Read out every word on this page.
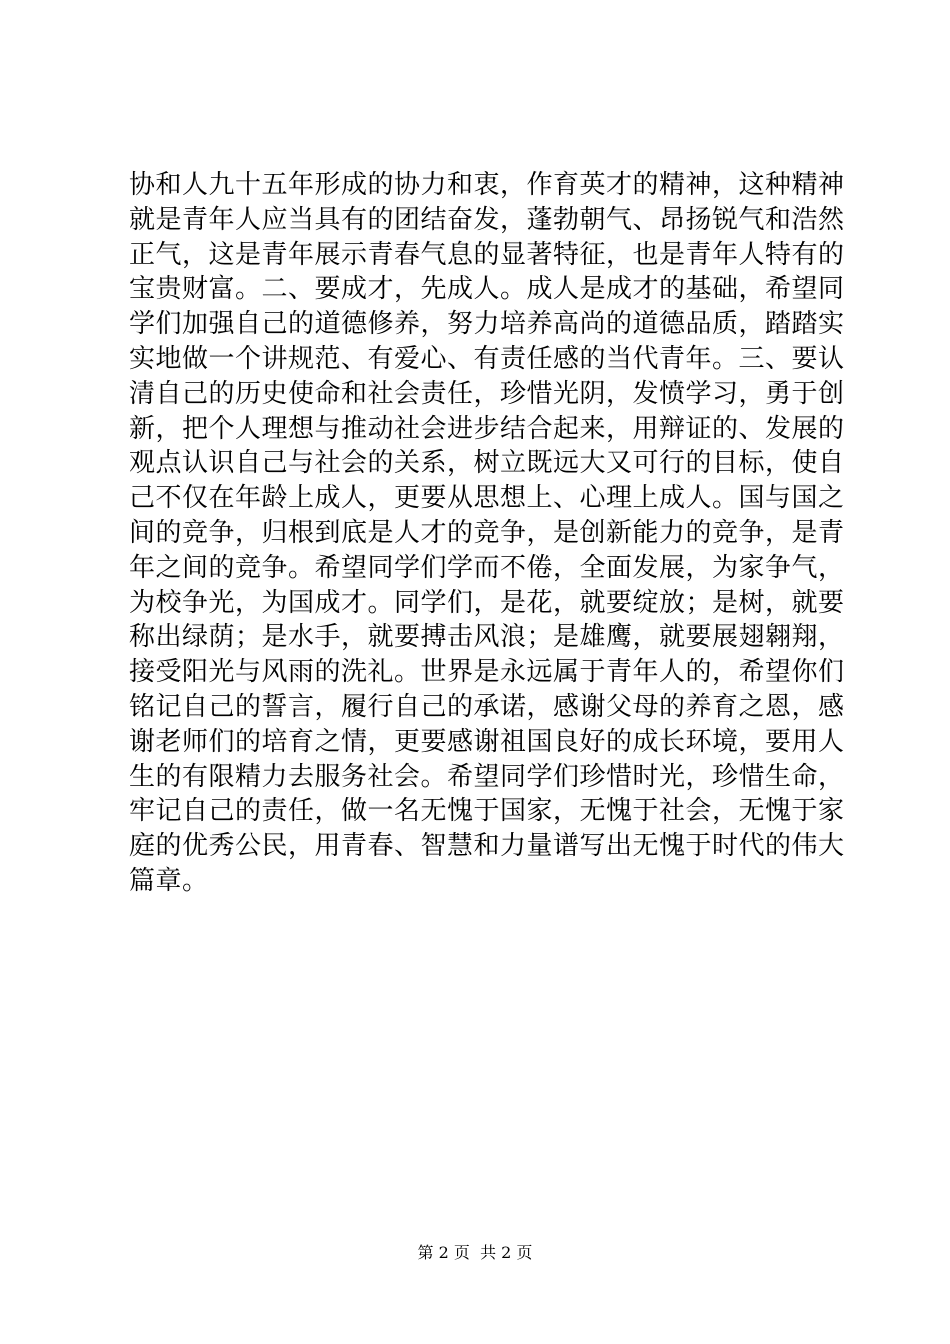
协和人九十五年形成的协力和衷，作育英才的精神，这种精神
就是青年人应当具有的团结奋发，蓬勃朝气、昂扬锐气和浩然
正气，这是青年展示青春气息的显著特征，也是青年人特有的
宝贵财富。二、要成才，先成人。成人是成才的基础，希望同
学们加强自己的道德修养，努力培养高尚的道德品质，踏踏实
实地做一个讲规范、有爱心、有责任感的当代青年。三、要认
清自己的历史使命和社会责任，珍惜光阴，发愤学习，勇于创
新，把个人理想与推动社会进步结合起来，用辩证的、发展的
观点认识自己与社会的关系，树立既远大又可行的目标，使自
己不仅在年龄上成人，更要从思想上、心理上成人。国与国之
间的竞争，归根到底是人才的竞争，是创新能力的竞争，是青
年之间的竞争。希望同学们学而不倦，全面发展，为家争气，
为校争光，为国成才。同学们，是花，就要绽放；是树，就要
称出绿荫；是水手，就要搏击风浪；是雄鹰，就要展翅翱翔，
接受阳光与风雨的洗礼。世界是永远属于青年人的，希望你们
铭记自己的誓言，履行自己的承诺，感谢父母的养育之恩，感
谢老师们的培育之情，更要感谢祖国良好的成长环境，要用人
生的有限精力去服务社会。希望同学们珍惜时光，珍惜生命，
牢记自己的责任，做一名无愧于国家，无愧于社会，无愧于家
庭的优秀公民，用青春、智慧和力量谱写出无愧于时代的伟大
篇章。
第 2 页 共 2 页
